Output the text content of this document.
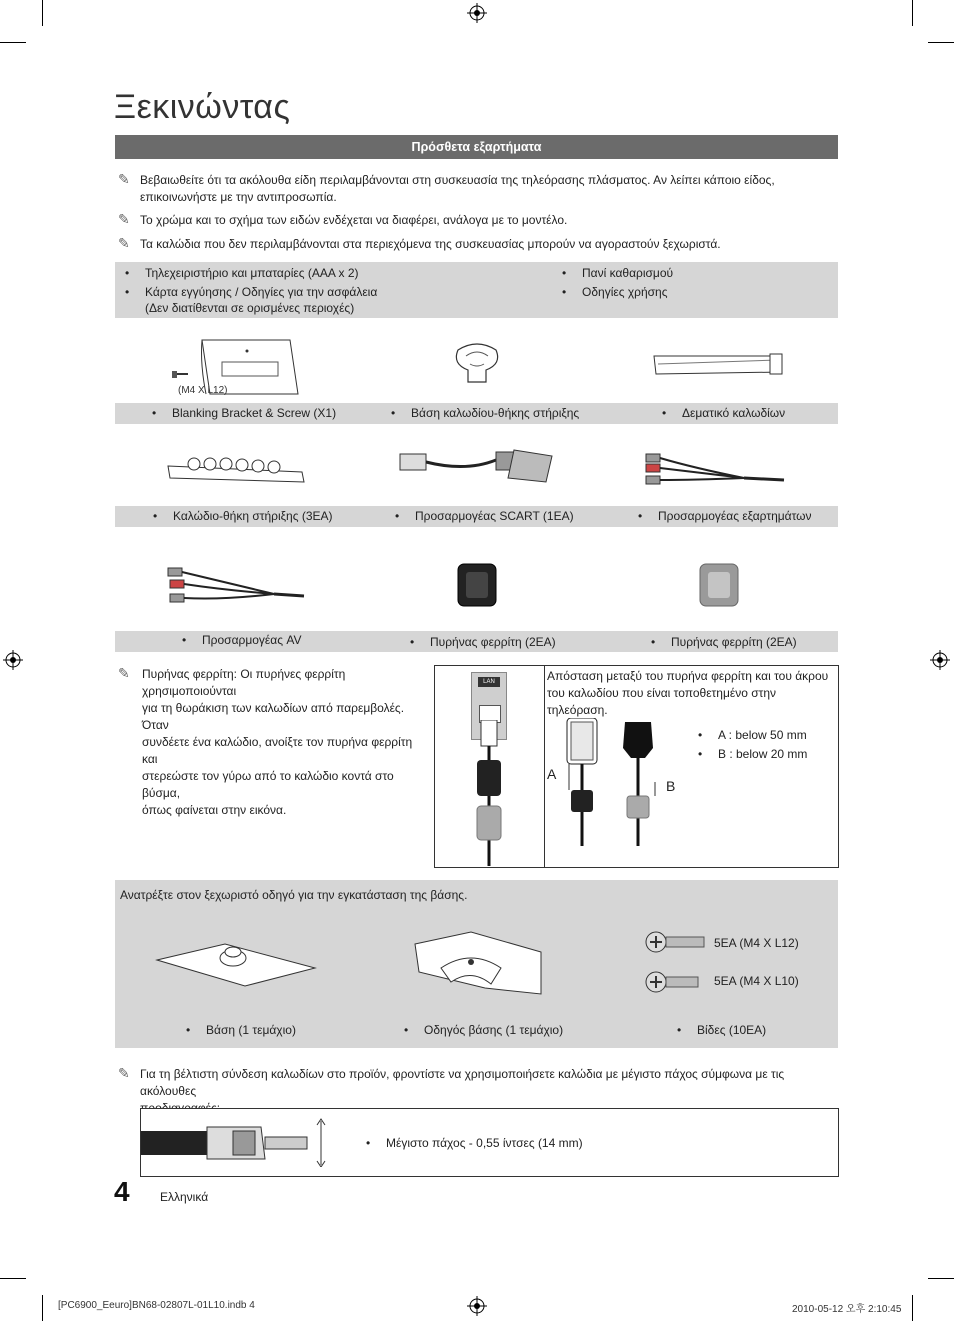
Ξεκινώντας
Πρόσθετα εξαρτήματα
✎ Βεβαιωθείτε ότι τα ακόλουθα είδη περιλαμβάνονται στη συσκευασία της τηλεόρασης πλάσματος. Αν λείπει κάποιο είδος, επικοινωνήστε με την αντιπροσωπία.
✎ Το χρώμα και το σχήμα των ειδών ενδέχεται να διαφέρει, ανάλογα με το μοντέλο.
✎ Τα καλώδια που δεν περιλαμβάνονται στα περιεχόμενα της συσκευασίας μπορούν να αγοραστούν ξεχωριστά.
• Τηλεχειριστήριο και μπαταρίες (AAA x 2)
• Κάρτα εγγύησης / Οδηγίες για την ασφάλεια
(Δεν διατίθενται σε ορισμένες περιοχές)
• Πανί καθαρισμού
• Οδηγίες χρήσης
(M4 X L12)
• Blanking Bracket & Screw (X1)	• Βάση καλωδίου-θήκης στήριξης	• Δεματικό καλωδίων
• Καλώδιο-θήκη στήριξης (3EA)	• Προσαρμογέας SCART (1EA)	• Προσαρμογέας εξαρτημάτων
• Προσαρμογέας AV	• Πυρήνας φερρίτη (2EA)	• Πυρήνας φερρίτη (2EA)
✎ Πυρήνας φερρίτη: Οι πυρήνες φερρίτη χρησιμοποιούνται
για τη θωράκιση των καλωδίων από παρεμβολές. Όταν
συνδέετε ένα καλώδιο, ανοίξτε τον πυρήνα φερρίτη και
στερεώστε τον γύρω από το καλώδιο κοντά στο βύσμα,
όπως φαίνεται στην εικόνα.
LAN	Απόσταση μεταξύ του πυρήνα φερρίτη και του άκρου
του καλωδίου που είναι τοποθετημένο στην τηλεόραση.
A
B
• A : below 50 mm
• B : below 20 mm
Ανατρέξτε στον ξεχωριστό οδηγό για την εγκατάσταση της βάσης.
5EA (M4 X L12)
5EA (M4 X L10)
• Βάση (1 τεμάχιο)	• Οδηγός βάσης (1 τεμάχιο)	• Βίδες (10EA)
✎ Για τη βέλτιστη σύνδεση καλωδίων στο προϊόν, φροντίστε να χρησιμοποιήσετε καλώδια με μέγιστο πάχος σύμφωνα με τις ακόλουθες
• Μέγιστο πάχος - 0,55 ίντσες (14 mm)
4	Ελληνικά
[PC6900_Eeuro]BN68-02807L-01L10.indb 4	2010-05-12 오후 2:10:45
